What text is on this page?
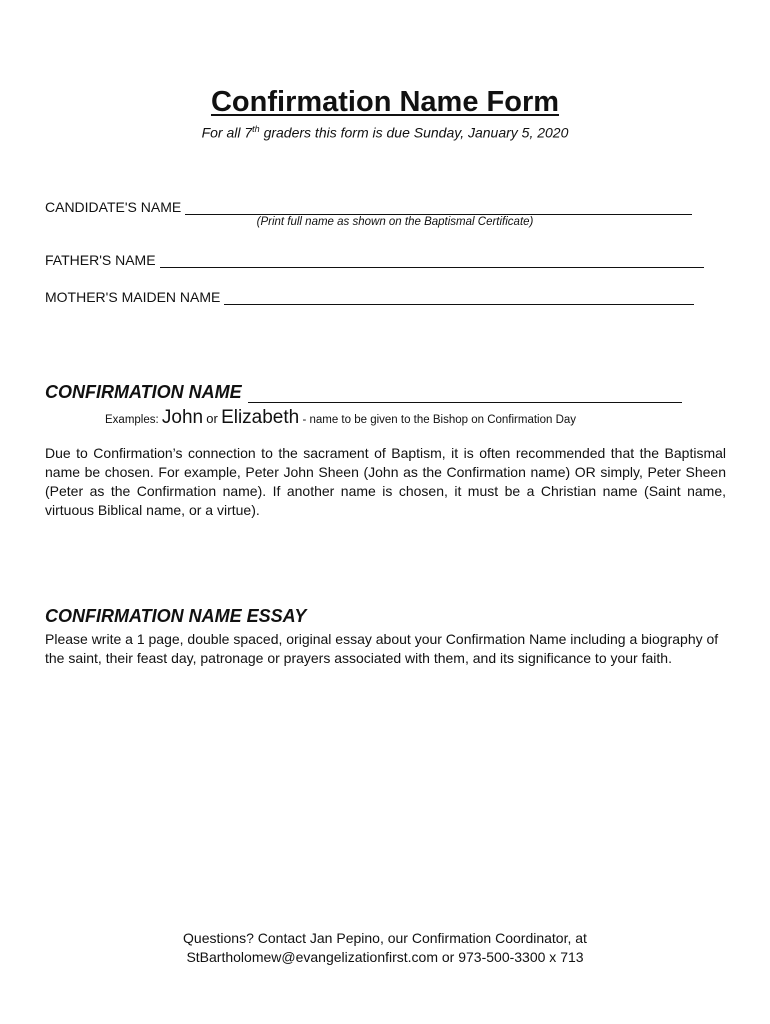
Confirmation Name Form
For all 7th graders this form is due Sunday, January 5, 2020
CANDIDATE'S NAME
(Print full name as shown on the Baptismal Certificate)
FATHER'S NAME
MOTHER'S MAIDEN NAME
CONFIRMATION NAME
Examples: John or Elizabeth - name to be given to the Bishop on Confirmation Day

Due to Confirmation’s connection to the sacrament of Baptism, it is often recommended that the Baptismal name be chosen. For example, Peter John Sheen (John as the Confirmation name) OR simply, Peter Sheen (Peter as the Confirmation name). If another name is chosen, it must be a Christian name (Saint name, virtuous Biblical name, or a virtue).

CONFIRMATION NAME ESSAY

Please write a 1 page, double spaced, original essay about your Confirmation Name including a biography of the saint, their feast day, patronage or prayers associated with them, and its significance to your faith.

Questions? Contact Jan Pepino, our Confirmation Coordinator, at
StBartholomew@evangelizationfirst.com or 973-500-3300 x 713
